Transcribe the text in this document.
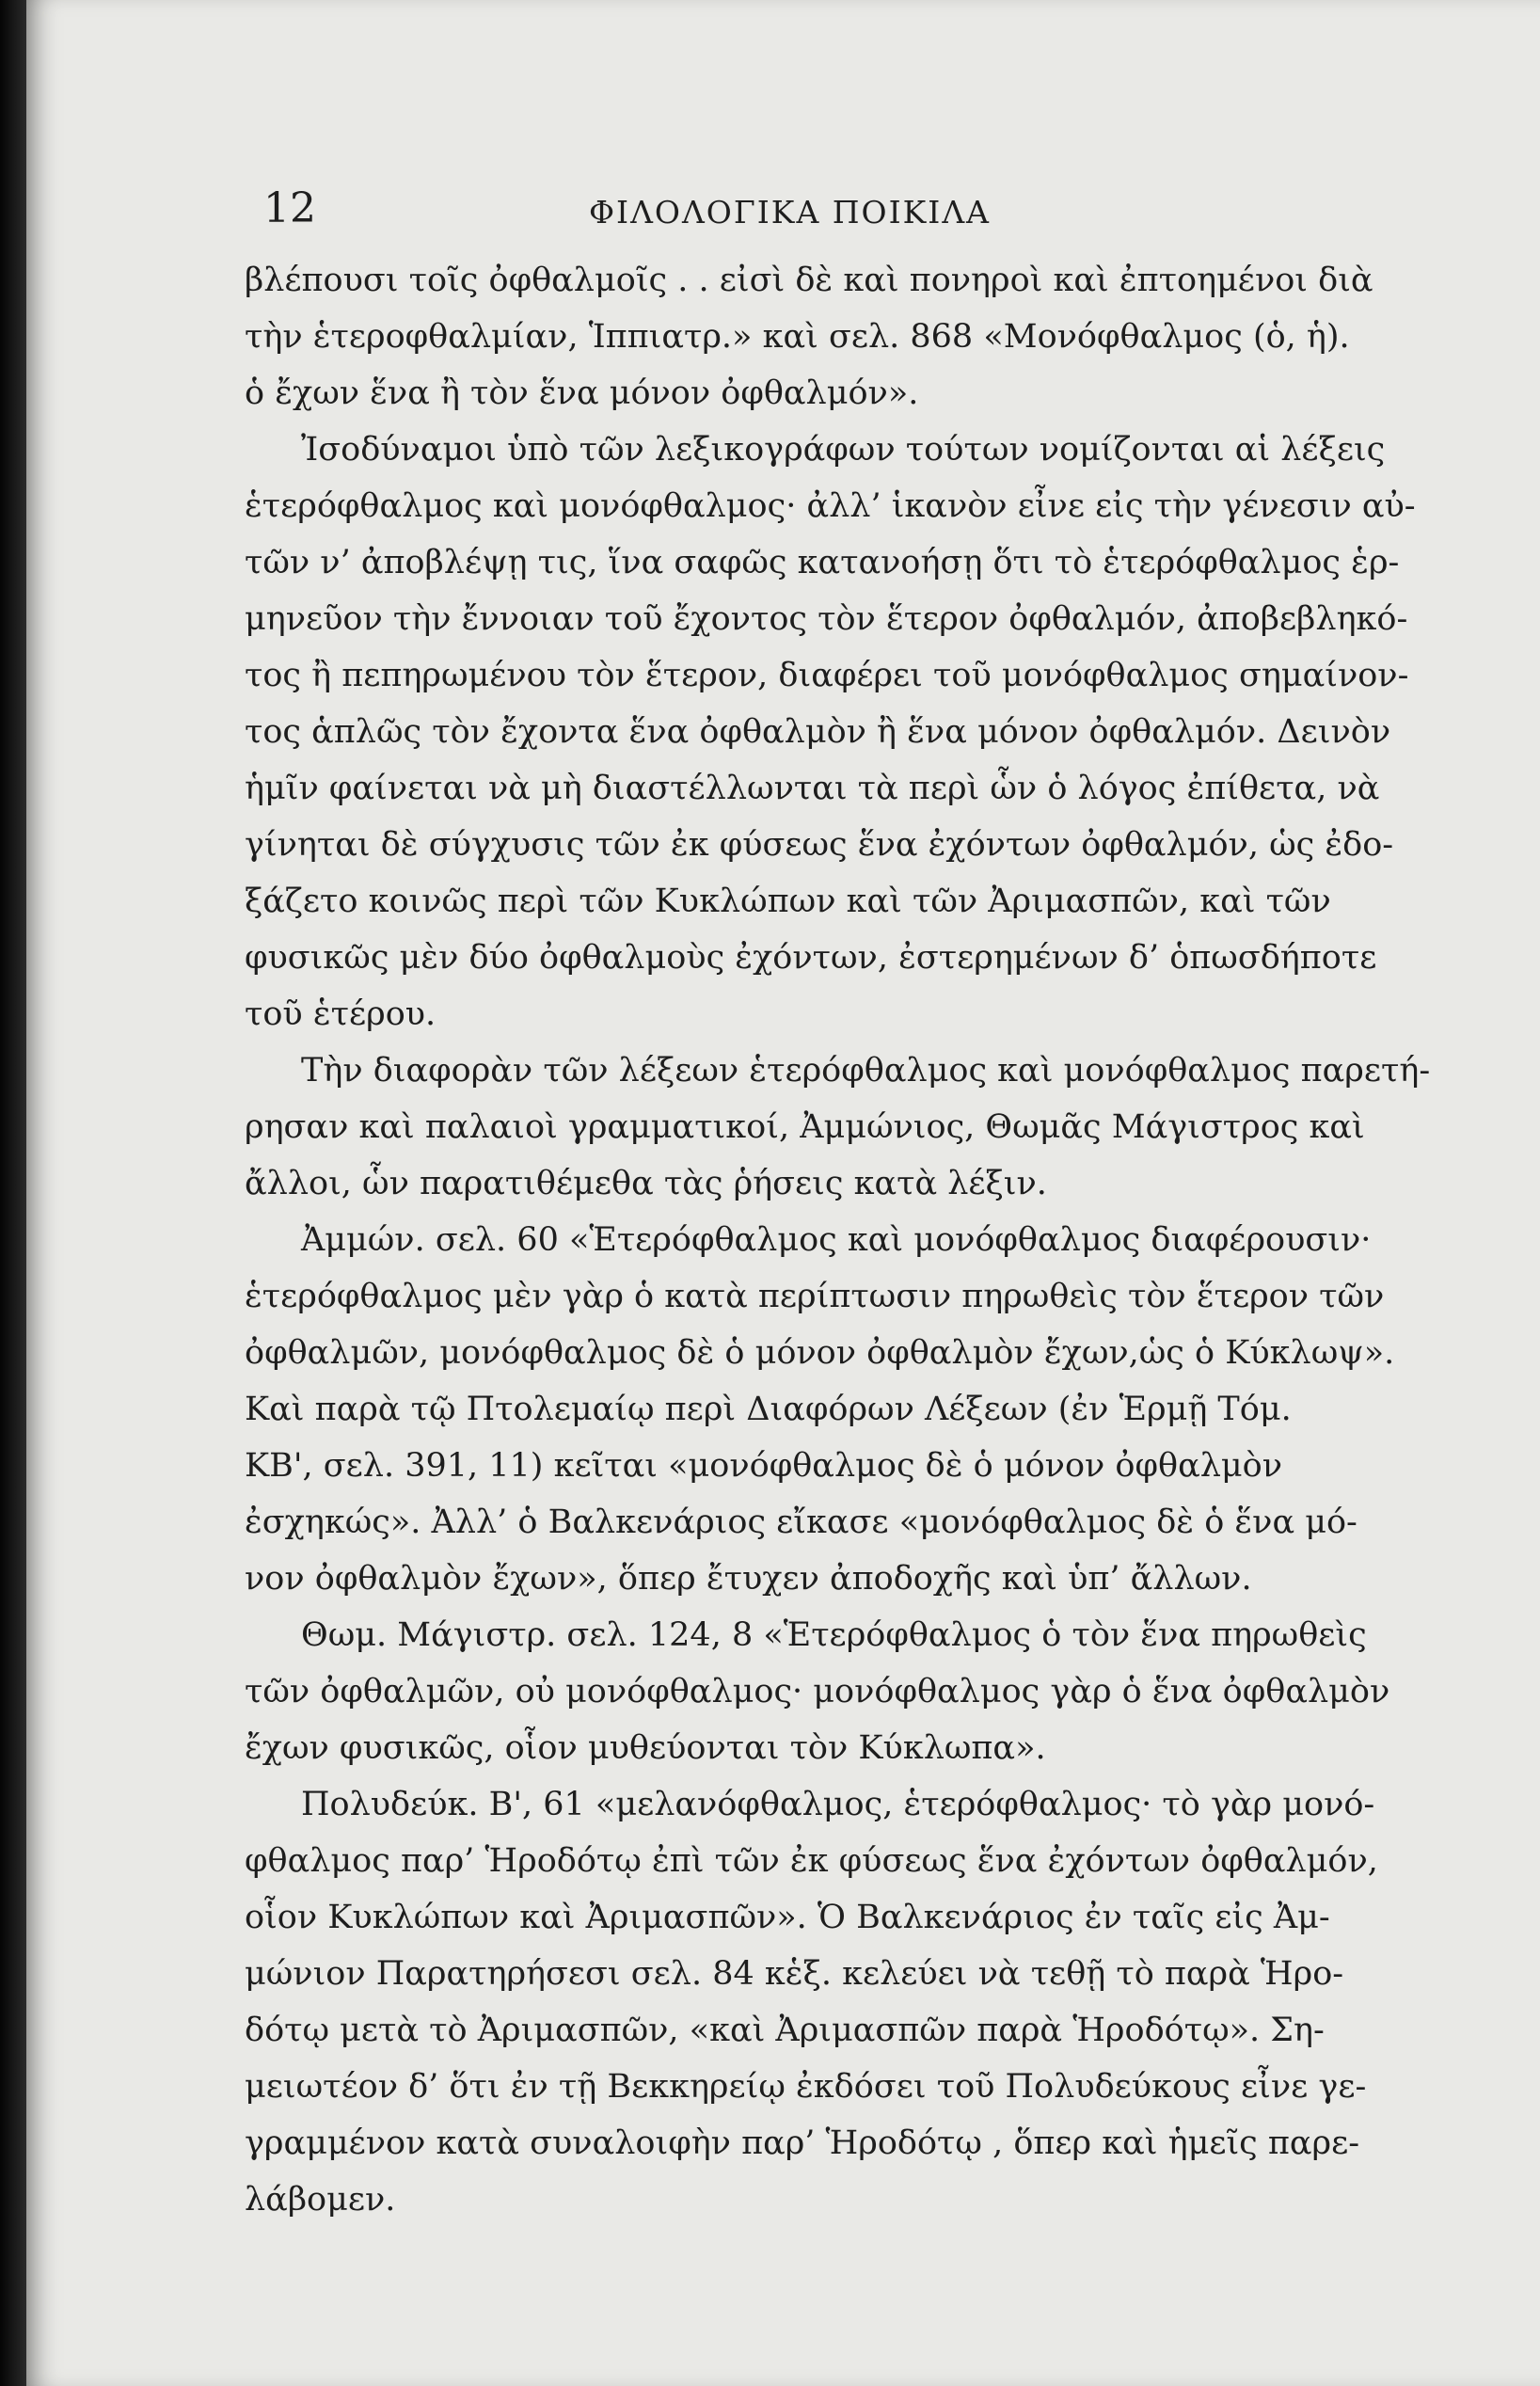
12	ΦΙΛΟΛΟΓΙΚΑ ΠΟΙΚΙΛΑ
βλέπουσι τοῖς ὀφθαλμοῖς . . εἰσὶ δὲ καὶ πονηροὶ καὶ ἐπτοημένοι διὰ
τὴν ἑτεροφθαλμίαν, Ἱππιατρ.» καὶ σελ. 868 «Μονόφθαλμος (ὁ, ἡ).
ὁ ἔχων ἕνα ἢ τὸν ἕνα μόνον ὀφθαλμόν».
Ἰσοδύναμοι ὑπὸ τῶν λεξικογράφων τούτων νομίζονται αἱ λέξεις
ἑτερόφθαλμος καὶ μονόφθαλμος· ἀλλ’ ἱκανὸν εἶνε εἰς τὴν γένεσιν αὐ-
τῶν ν’ ἀποβλέψῃ τις, ἵνα σαφῶς κατανοήσῃ ὅτι τὸ ἑτερόφθαλμος ἑρ-
μηνεῦον τὴν ἔννοιαν τοῦ ἔχοντος τὸν ἕτερον ὀφθαλμόν, ἀποβεβληκό-
τος ἢ πεπηρωμένου τὸν ἕτερον, διαφέρει τοῦ μονόφθαλμος σημαίνον-
τος ἁπλῶς τὸν ἔχοντα ἕνα ὀφθαλμὸν ἢ ἕνα μόνον ὀφθαλμόν. Δεινὸν
ἡμῖν φαίνεται νὰ μὴ διαστέλλωνται τὰ περὶ ὧν ὁ λόγος ἐπίθετα, νὰ
γίνηται δὲ σύγχυσις τῶν ἐκ φύσεως ἕνα ἐχόντων ὀφθαλμόν, ὡς ἐδο-
ξάζετο κοινῶς περὶ τῶν Κυκλώπων καὶ τῶν Ἀριμασπῶν, καὶ τῶν
φυσικῶς μὲν δύο ὀφθαλμοὺς ἐχόντων, ἐστερημένων δ’ ὁπωσδήποτε
τοῦ ἑτέρου.
Τὴν διαφορὰν τῶν λέξεων ἑτερόφθαλμος καὶ μονόφθαλμος παρετή-
ρησαν καὶ παλαιοὶ γραμματικοί, Ἀμμώνιος, Θωμᾶς Μάγιστρος καὶ
ἄλλοι, ὧν παρατιθέμεθα τὰς ῥήσεις κατὰ λέξιν.
Ἀμμών. σελ. 60 «Ἑτερόφθαλμος καὶ μονόφθαλμος διαφέρουσιν·
ἑτερόφθαλμος μὲν γὰρ ὁ κατὰ περίπτωσιν πηρωθεὶς τὸν ἕτερον τῶν
ὀφθαλμῶν, μονόφθαλμος δὲ ὁ μόνον ὀφθαλμὸν ἔχων,ὡς ὁ Κύκλωψ».
Καὶ παρὰ τῷ Πτολεμαίῳ περὶ Διαφόρων Λέξεων (ἐν Ἑρμῇ Τόμ.
ΚΒ', σελ. 391, 11) κεῖται «μονόφθαλμος δὲ ὁ μόνον ὀφθαλμὸν
ἐσχηκώς». Ἀλλ’ ὁ Βαλκενάριος εἴκασε «μονόφθαλμος δὲ ὁ ἕνα μό-
νον ὀφθαλμὸν ἔχων», ὅπερ ἔτυχεν ἀποδοχῆς καὶ ὑπ’ ἄλλων.
Θωμ. Μάγιστρ. σελ. 124, 8 «Ἑτερόφθαλμος ὁ τὸν ἕνα πηρωθεὶς
τῶν ὀφθαλμῶν, οὐ μονόφθαλμος· μονόφθαλμος γὰρ ὁ ἕνα ὀφθαλμὸν
ἔχων φυσικῶς, οἷον μυθεύονται τὸν Κύκλωπα».
Πολυδεύκ. Β', 61 «μελανόφθαλμος, ἑτερόφθαλμος· τὸ γὰρ μονό-
φθαλμος παρ’ Ἡροδότῳ ἐπὶ τῶν ἐκ φύσεως ἕνα ἐχόντων ὀφθαλμόν,
οἷον Κυκλώπων καὶ Ἀριμασπῶν». Ὁ Βαλκενάριος ἐν ταῖς εἰς Ἀμ-
μώνιον Παρατηρήσεσι σελ. 84 κἑξ. κελεύει νὰ τεθῇ τὸ παρὰ Ἡρο-
δότῳ μετὰ τὸ Ἀριμασπῶν, «καὶ Ἀριμασπῶν παρὰ Ἡροδότῳ». Ση-
μειωτέον δ’ ὅτι ἐν τῇ Βεκκηρείῳ ἐκδόσει τοῦ Πολυδεύκους εἶνε γε-
γραμμένον κατὰ συναλοιφὴν παρ’ Ἡροδότῳ , ὅπερ καὶ ἡμεῖς παρε-
λάβομεν.
